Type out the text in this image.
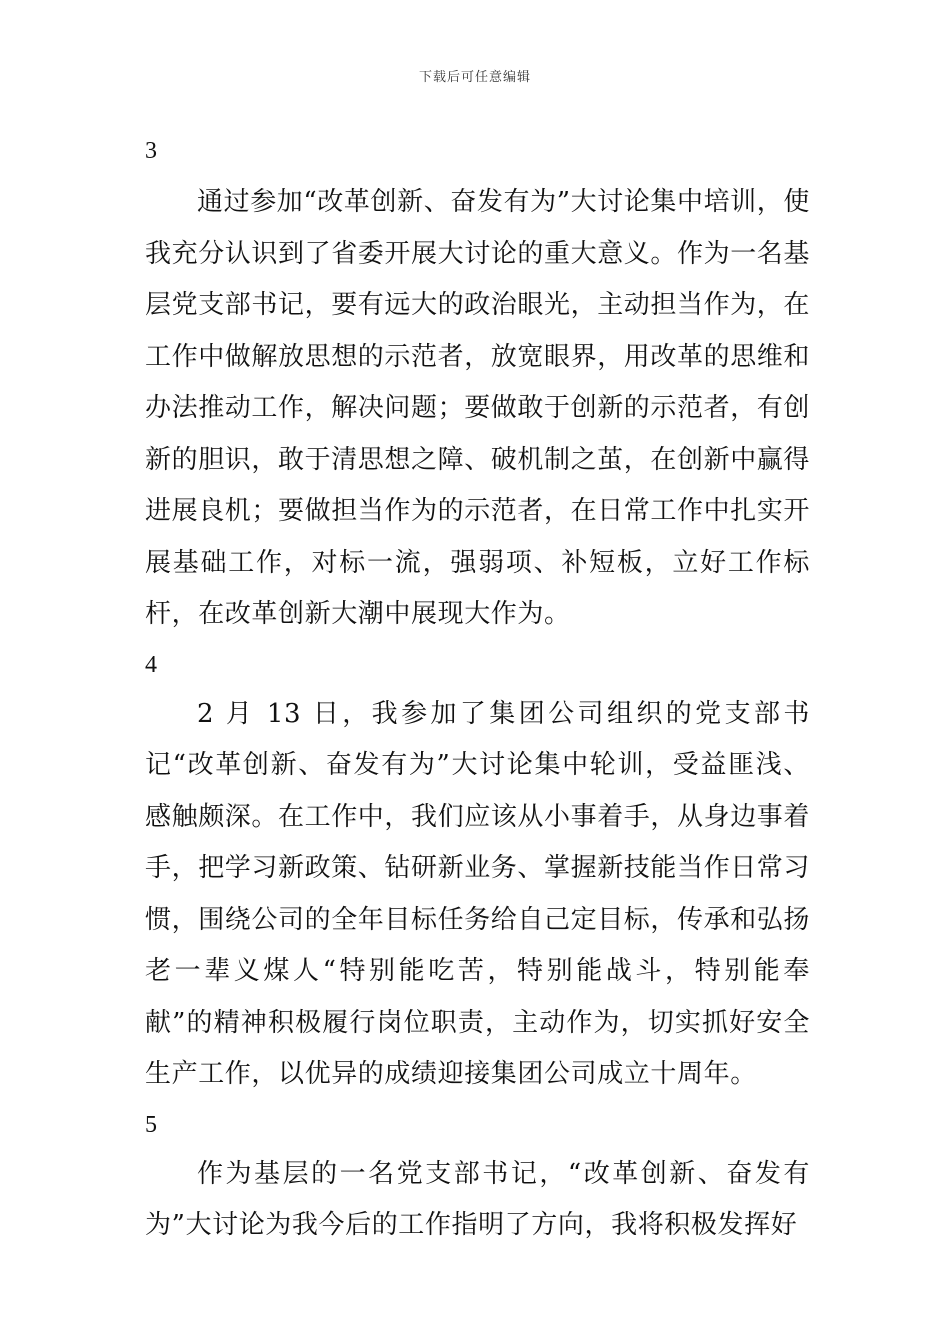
下载后可任意编辑

3

通过参加“改革创新、奋发有为”大讨论集中培训，使我充分认识到了省委开展大讨论的重大意义。作为一名基层党支部书记，要有远大的政治眼光，主动担当作为，在工作中做解放思想的示范者，放宽眼界，用改革的思维和办法推动工作，解决问题；要做敢于创新的示范者，有创新的胆识，敢于清思想之障、破机制之茧，在创新中赢得进展良机；要做担当作为的示范者，在日常工作中扎实开展基础工作，对标一流，强弱项、补短板，立好工作标杆，在改革创新大潮中展现大作为。

4

2 月 13 日，我参加了集团公司组织的党支部书记“改革创新、奋发有为”大讨论集中轮训，受益匪浅、感触颇深。在工作中，我们应该从小事着手，从身边事着手，把学习新政策、钻研新业务、掌握新技能当作日常习惯，围绕公司的全年目标任务给自己定目标，传承和弘扬老一辈义煤人“特别能吃苦，特别能战斗，特别能奉献”的精神积极履行岗位职责，主动作为，切实抓好安全生产工作，以优异的成绩迎接集团公司成立十周年。

5

作为基层的一名党支部书记，“改革创新、奋发有为”大讨论为我今后的工作指明了方向，我将积极发挥好
